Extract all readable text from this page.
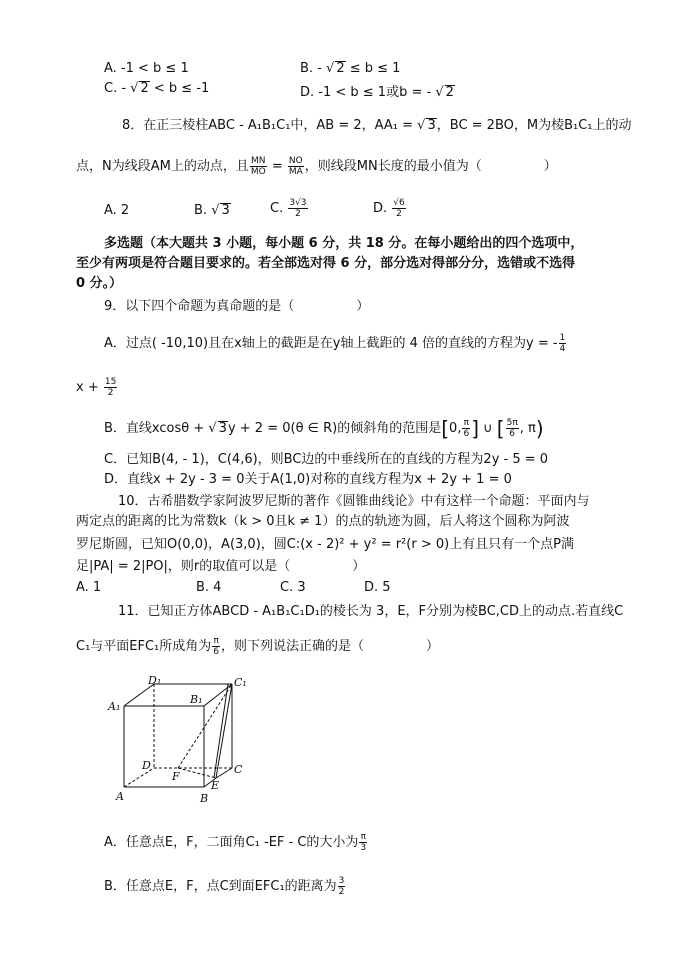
A. -1 < b ≤ 1	B. - √ 2 ≤ b ≤ 1
C. - √ 2 < b ≤ -1	D. -1 < b ≤ 1或b = - √ 2
8．在正三棱柱ABC - A₁B₁C₁中，AB = 2，AA₁ = √ 3，BC = 2BO，M为棱B₁C₁上的动
点，N为线段AM上的动点，且 $\frac{MN}{MO} = \frac{NO}{MA}$ ，则线段MN长度的最小值为（	）
A. 2	B. √ 3	C. $\frac{3√3}{2}$	D. $\frac{√6}{2}$
多选题（本大题共 3 小题，每小题 6 分，共 18 分。在每小题给出的四个选项中，
至少有两项是符合题目要求的。若全部选对得 6 分，部分选对得部分分，选错或不选得
0 分。）
9．以下四个命题为真命题的是（	）
A．过点( -10,10)且在x轴上的截距是在y轴上截距的 4 倍的直线的方程为y = - $\frac{1}{4}$
$x + \frac{15}{2}$
B．直线xcosθ + √ 3y + 2 = 0(θ ∈ R)的倾斜角的范围是[0, $\frac{\pi}{6}$ ] ∪ [ $\frac{5\pi}{6}$ , π)
C．已知B(4, - 1)，C(4,6)，则BC边的中垂线所在的直线的方程为2y - 5 = 0
D．直线x + 2y - 3 = 0关于A(1,0)对称的直线方程为x + 2y + 1 = 0
10．古希腊数学家阿波罗尼斯的著作《圆锥曲线论》中有这样一个命题：平面内与
两定点的距离的比为常数k（k > 0且k ≠ 1）的点的轨迹为圆，后人将这个圆称为阿波
罗尼斯圆，已知O(0,0)，A(3,0)，圆C:(x - 2)² + y² = r²(r > 0)上有且只有一个点P满
足|PA| = 2|PO|，则r的取值可以是（	）
A. 1	B. 4	C. 3	D. 5
11．已知正方体ABCD - A₁B₁C₁D₁的棱长为 3，E，F分别为棱BC,CD上的动点.若直线C
C₁与平面EFC₁所成角为 $\frac{\pi}{6}$ ，则下列说法正确的是（	）
D₁	C₁
A₁
B₁
D
F
C
E
A	B
A．任意点E，F，二面角C₁ -EF - C的大小为 $\frac{\pi}{3}$
B．任意点E，F，点C到面EFC₁的距离为 $\frac{3}{2}$
